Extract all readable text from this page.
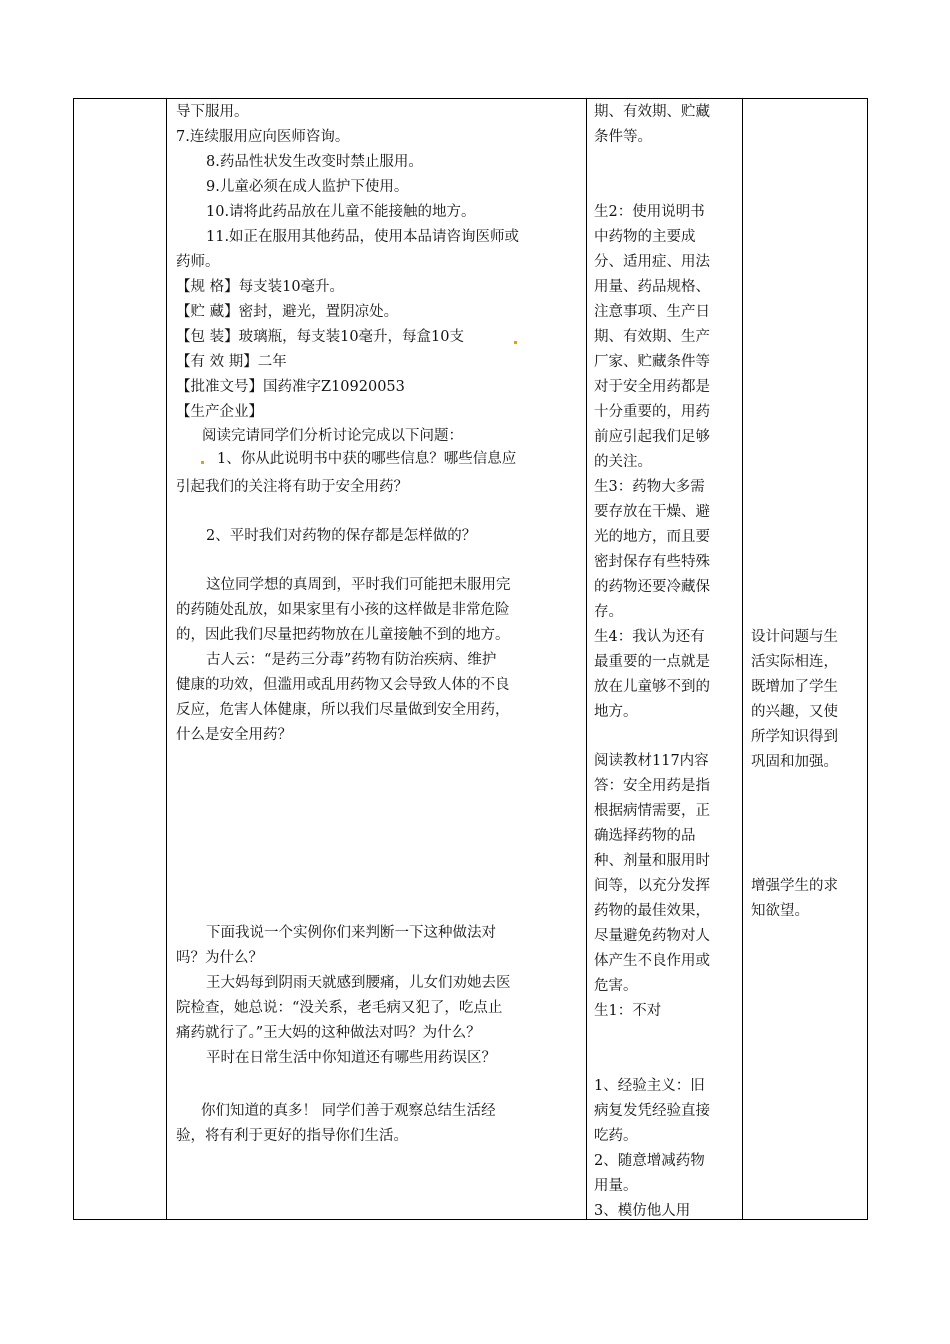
导下服用。
7.连续服用应向医师咨询。
8.药品性状发生改变时禁止服用。
9.儿童必须在成人监护下使用。
10.请将此药品放在儿童不能接触的地方。
11.如正在服用其他药品，使用本品请咨询医师或
药师。
【规 格】每支装10毫升。
【贮 藏】密封，避光，置阴凉处。
【包 装】玻璃瓶，每支装10毫升，每盒10支
【有 效 期】二年
【批准文号】国药准字Z10920053
【生产企业】
阅读完请同学们分析讨论完成以下问题：
1、你从此说明书中获的哪些信息？哪些信息应
引起我们的关注将有助于安全用药？
2、平时我们对药物的保存都是怎样做的？
这位同学想的真周到，平时我们可能把未服用完
的药随处乱放，如果家里有小孩的这样做是非常危险
的，因此我们尽量把药物放在儿童接触不到的地方。
古人云：“是药三分毒”药物有防治疾病、维护
健康的功效，但滥用或乱用药物又会导致人体的不良
反应，危害人体健康，所以我们尽量做到安全用药，
什么是安全用药？
下面我说一个实例你们来判断一下这种做法对
吗？为什么？
王大妈每到阴雨天就感到腰痛，儿女们劝她去医
院检查，她总说：“没关系，老毛病又犯了，吃点止
痛药就行了。”王大妈的这种做法对吗？为什么？
平时在日常生活中你知道还有哪些用药误区？
你们知道的真多！ 同学们善于观察总结生活经
验，将有利于更好的指导你们生活。
期、有效期、贮藏
条件等。
生2：使用说明书
中药物的主要成
分、适用症、用法
用量、药品规格、
注意事项、生产日
期、有效期、生产
厂家、贮藏条件等
对于安全用药都是
十分重要的，用药
前应引起我们足够
的关注。
生3：药物大多需
要存放在干燥、避
光的地方，而且要
密封保存有些特殊
的药物还要冷藏保
存。
生4：我认为还有
最重要的一点就是
放在儿童够不到的
地方。
阅读教材117内容
答：安全用药是指
根据病情需要，正
确选择药物的品
种、剂量和服用时
间等，以充分发挥
药物的最佳效果，
尽量避免药物对人
体产生不良作用或
危害。
生1：不对
1、经验主义：旧
病复发凭经验直接
吃药。
2、随意增减药物
用量。
3、模仿他人用
设计问题与生
活实际相连，
既增加了学生
的兴趣，又使
所学知识得到
巩固和加强。
增强学生的求
知欲望。
